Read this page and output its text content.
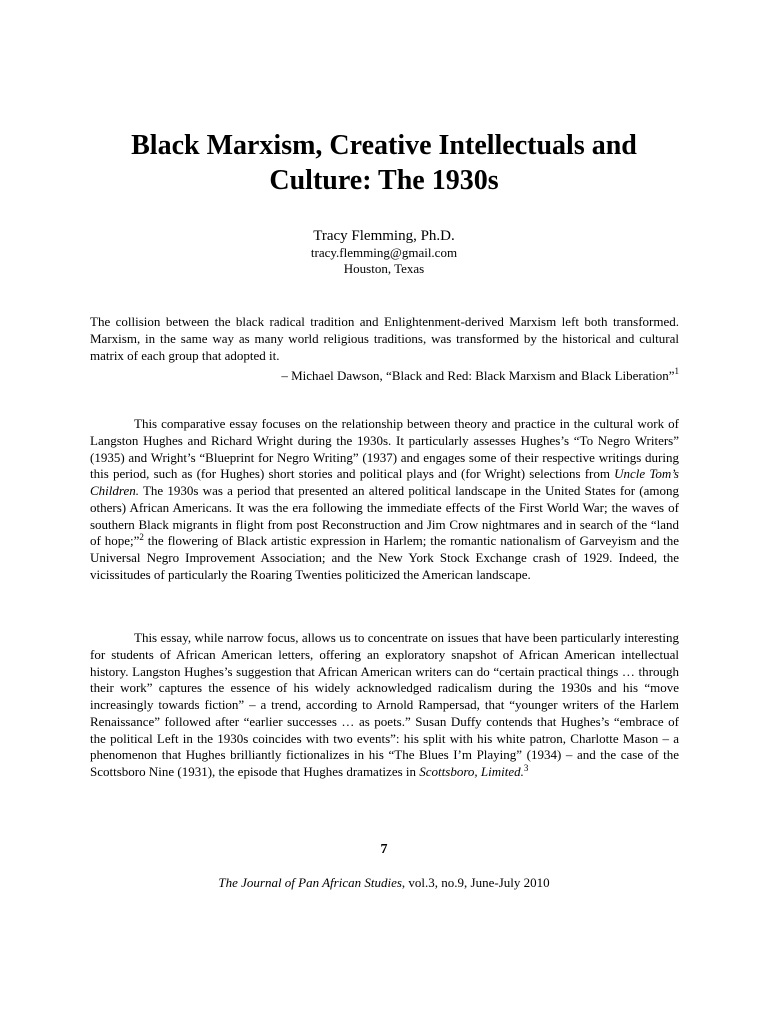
Black Marxism, Creative Intellectuals and Culture: The 1930s
Tracy Flemming, Ph.D.
tracy.flemming@gmail.com
Houston, Texas

The collision between the black radical tradition and Enlightenment-derived Marxism left both transformed. Marxism, in the same way as many world religious traditions, was transformed by the historical and cultural matrix of each group that adopted it.

– Michael Dawson, “Black and Red: Black Marxism and Black Liberation”$^1$

This comparative essay focuses on the relationship between theory and practice in the cultural work of Langston Hughes and Richard Wright during the 1930s. It particularly assesses Hughes’s “To Negro Writers” (1935) and Wright’s “Blueprint for Negro Writing” (1937) and engages some of their respective writings during this period, such as (for Hughes) short stories and political plays and (for Wright) selections from Uncle Tom’s Children. The 1930s was a period that presented an altered political landscape in the United States for (among others) African Americans. It was the era following the immediate effects of the First World War; the waves of southern Black migrants in flight from post Reconstruction and Jim Crow nightmares and in search of the “land of hope;”$^2$ the flowering of Black artistic expression in Harlem; the romantic nationalism of Garveyism and the Universal Negro Improvement Association; and the New York Stock Exchange crash of 1929. Indeed, the vicissitudes of particularly the Roaring Twenties politicized the American landscape.

This essay, while narrow focus, allows us to concentrate on issues that have been particularly interesting for students of African American letters, offering an exploratory snapshot of African American intellectual history. Langston Hughes’s suggestion that African American writers can do “certain practical things … through their work” captures the essence of his widely acknowledged radicalism during the 1930s and his “move increasingly towards fiction” – a trend, according to Arnold Rampersad, that “younger writers of the Harlem Renaissance” followed after “earlier successes … as poets.” Susan Duffy contends that Hughes’s “embrace of the political Left in the 1930s coincides with two events”: his split with his white patron, Charlotte Mason – a phenomenon that Hughes brilliantly fictionalizes in his “The Blues I’m Playing” (1934) – and the case of the Scottsboro Nine (1931), the episode that Hughes dramatizes in Scottsboro, Limited.$^3$

7
The Journal of Pan African Studies, vol.3, no.9, June-July 2010
